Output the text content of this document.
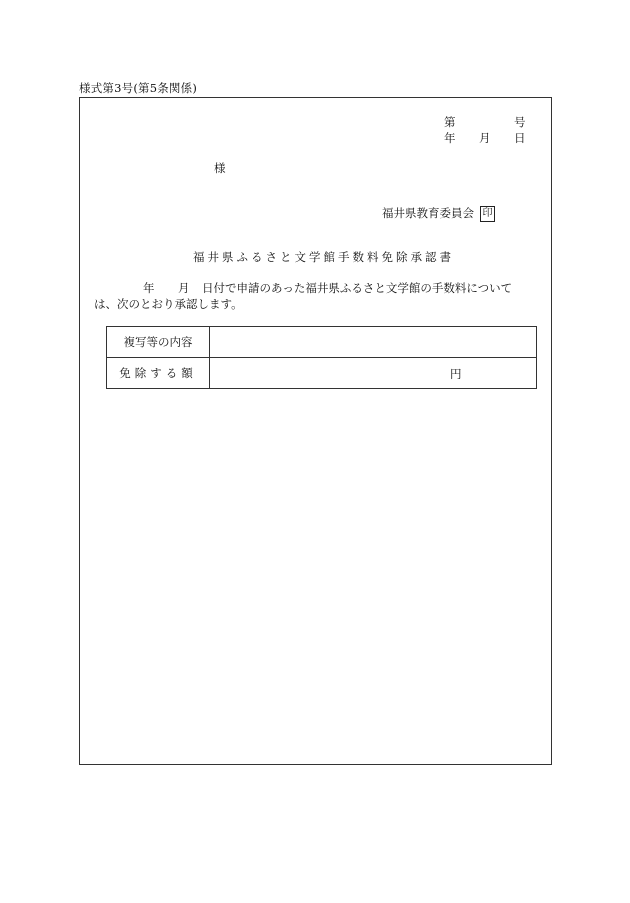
様式第3号(第5条関係)
第	号
年 月 日
様
福井県教育委員会 印
福井県ふるさと文学館手数料免除承認書
年 月 日付で申請のあった福井県ふるさと文学館の手数料について
は、次のとおり承認します。
複写等の内容	
免除する額	円
